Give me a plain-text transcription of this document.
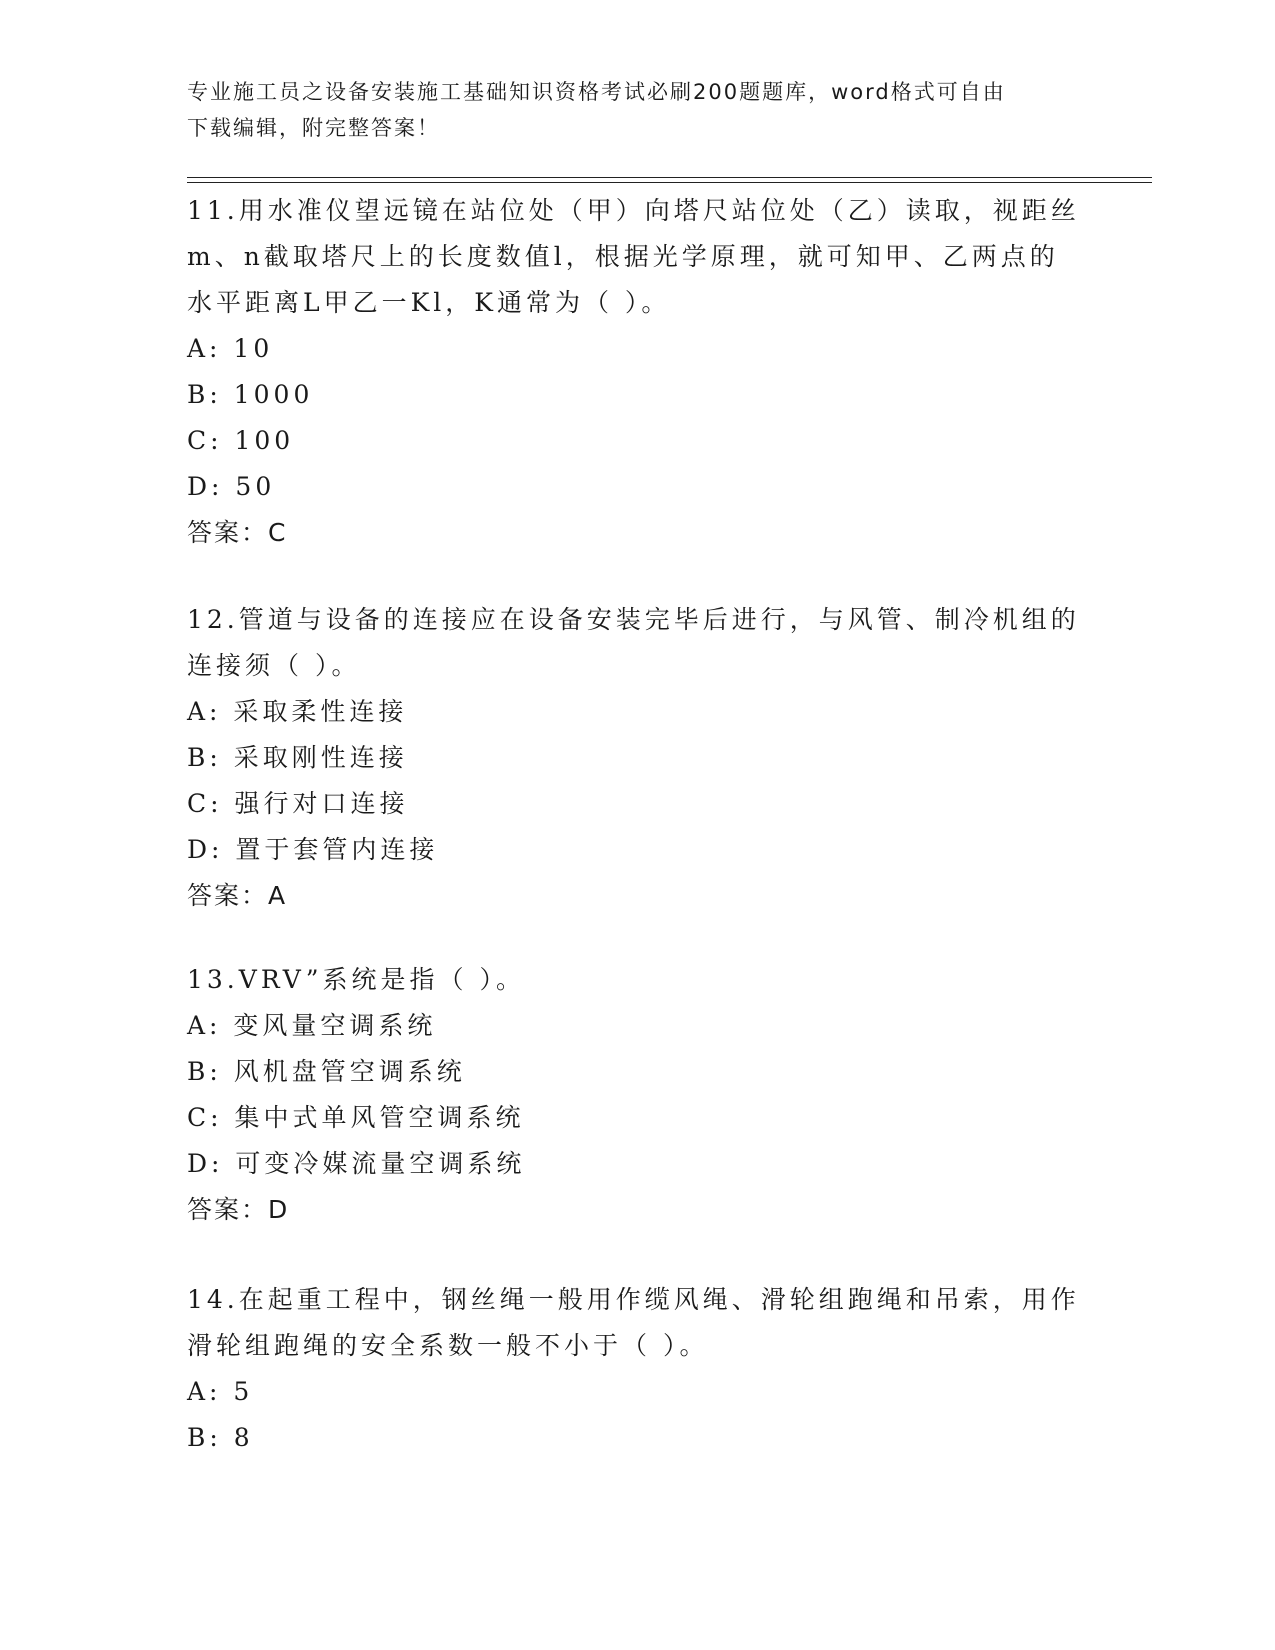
专业施工员之设备安装施工基础知识资格考试必刷200题题库，word格式可自由
下载编辑，附完整答案！

11.用水准仪望远镜在站位处（甲）向塔尺站位处（乙）读取，视距丝

m、n截取塔尺上的长度数值l，根据光学原理，就可知甲、乙两点的

水平距离L甲乙一Kl，K通常为（ ）。

A: 10

B: 1000

C: 100

D: 50

答案：C

12.管道与设备的连接应在设备安装完毕后进行，与风管、制冷机组的

连接须（ ）。

A: 采取柔性连接

B: 采取刚性连接

C: 强行对口连接

D: 置于套管内连接

答案：A

13.VRV”系统是指（ ）。

A: 变风量空调系统

B: 风机盘管空调系统

C: 集中式单风管空调系统

D: 可变冷媒流量空调系统

答案：D

14.在起重工程中，钢丝绳一般用作缆风绳、滑轮组跑绳和吊索，用作

滑轮组跑绳的安全系数一般不小于（ ）。

A: 5

B: 8
